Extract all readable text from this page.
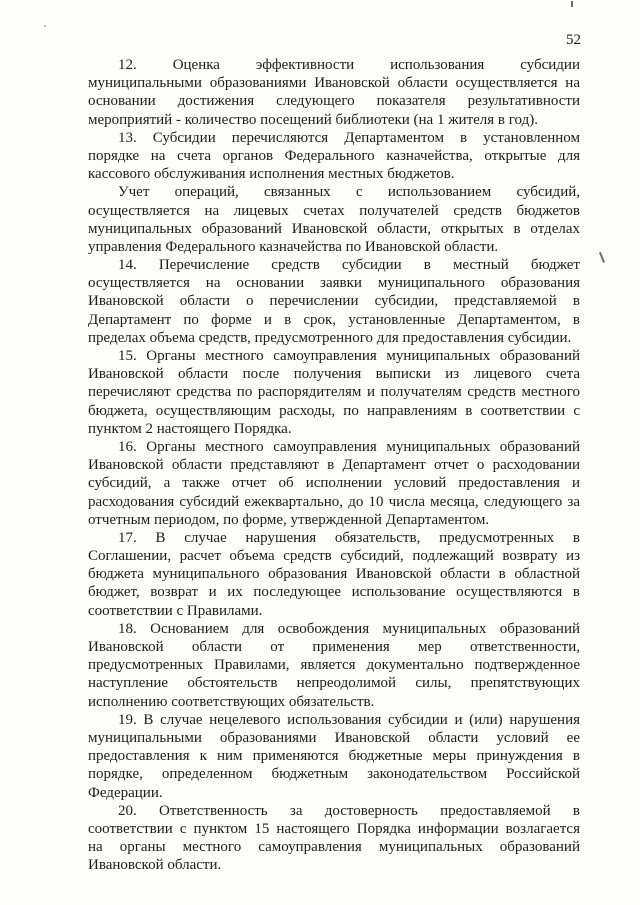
52
12. Оценка эффективности использования субсидии
муниципальными образованиями Ивановской области осуществляется на
основании достижения следующего показателя результативности
мероприятий - количество посещений библиотеки (на 1 жителя в год).
13. Субсидии перечисляются Департаментом в установленном
порядке на счета органов Федерального казначейства, открытые для
кассового обслуживания исполнения местных бюджетов.
Учет операций, связанных с использованием субсидий,
осуществляется на лицевых счетах получателей средств бюджетов
муниципальных образований Ивановской области, открытых в отделах
управления Федерального казначейства по Ивановской области.
14. Перечисление средств субсидии в местный бюджет
осуществляется на основании заявки муниципального образования
Ивановской области о перечислении субсидии, представляемой в
Департамент по форме и в срок, установленные Департаментом, в
пределах объема средств, предусмотренного для предоставления субсидии.
15. Органы местного самоуправления муниципальных образований
Ивановской области после получения выписки из лицевого счета
перечисляют средства по распорядителям и получателям средств местного
бюджета, осуществляющим расходы, по направлениям в соответствии с
пунктом 2 настоящего Порядка.
16. Органы местного самоуправления муниципальных образований
Ивановской области представляют в Департамент отчет о расходовании
субсидий, а также отчет об исполнении условий предоставления и
расходования субсидий ежеквартально, до 10 числа месяца, следующего за
отчетным периодом, по форме, утвержденной Департаментом.
17. В случае нарушения обязательств, предусмотренных в
Соглашении, расчет объема средств субсидий, подлежащий возврату из
бюджета муниципального образования Ивановской области в областной
бюджет, возврат и их последующее использование осуществляются в
соответствии с Правилами.
18. Основанием для освобождения муниципальных образований
Ивановской области от применения мер ответственности,
предусмотренных Правилами, является документально подтвержденное
наступление обстоятельств непреодолимой силы, препятствующих
исполнению соответствующих обязательств.
19. В случае нецелевого использования субсидии и (или) нарушения
муниципальными образованиями Ивановской области условий ее
предоставления к ним применяются бюджетные меры принуждения в
порядке, определенном бюджетным законодательством Российской
Федерации.
20. Ответственность за достоверность предоставляемой в
соответствии с пунктом 15 настоящего Порядка информации возлагается
на органы местного самоуправления муниципальных образований
Ивановской области.
